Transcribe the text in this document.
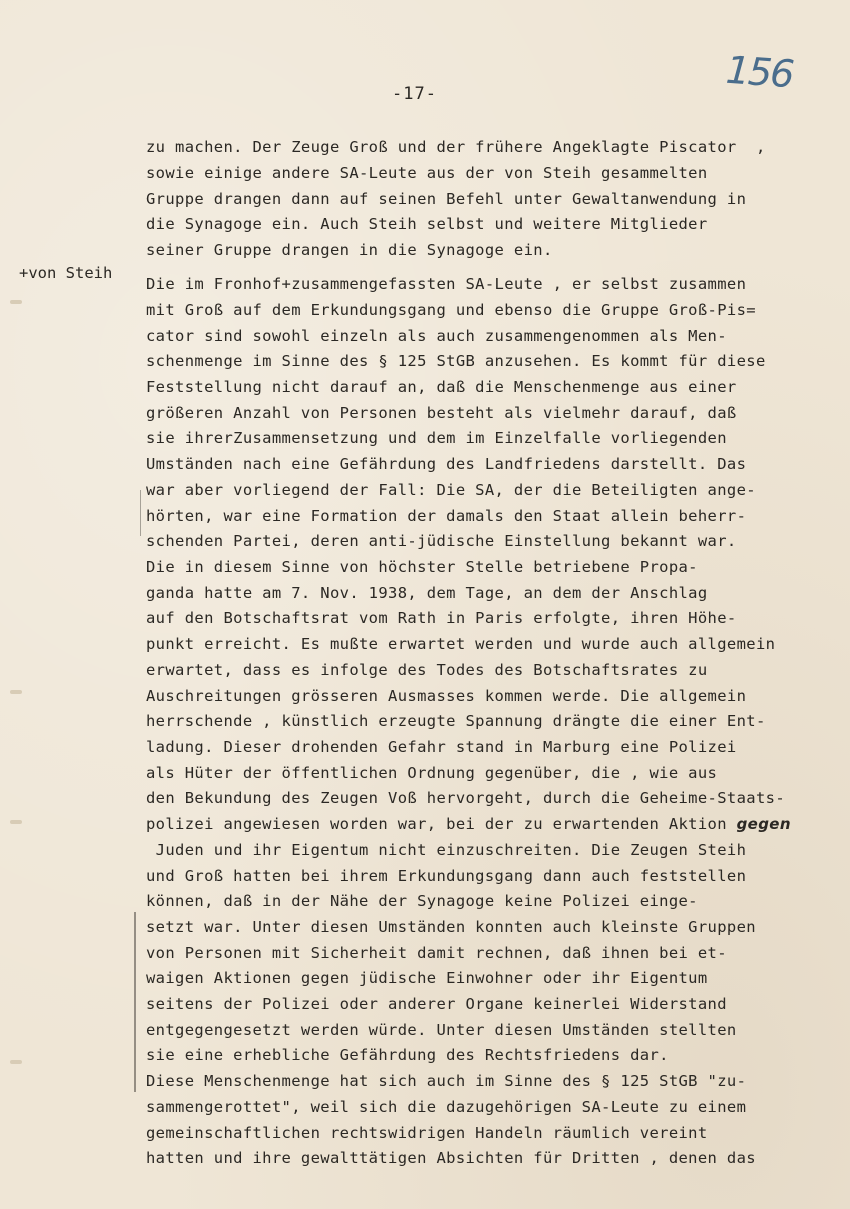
-17-	156
+von Steih
zu machen. Der Zeuge Groß und der frühere Angeklagte Piscator  ,
sowie einige andere SA-Leute aus der von Steih gesammelten
Gruppe drangen dann auf seinen Befehl unter Gewaltanwendung in
die Synagoge ein. Auch Steih selbst und weitere Mitglieder
seiner Gruppe drangen in die Synagoge ein.
Die im Fronhof+zusammengefassten SA-Leute , er selbst zusammen
mit Groß auf dem Erkundungsgang und ebenso die Gruppe Groß-Pis=
cator sind sowohl einzeln als auch zusammengenommen als Men-
schenmenge im Sinne des § 125 StGB anzusehen. Es kommt für diese
Feststellung nicht darauf an, daß die Menschenmenge aus einer
größeren Anzahl von Personen besteht als vielmehr darauf, daß
sie ihrerZusammensetzung und dem im Einzelfalle vorliegenden
Umständen nach eine Gefährdung des Landfriedens darstellt. Das
war aber vorliegend der Fall: Die SA, der die Beteiligten ange-
hörten, war eine Formation der damals den Staat allein beherr-
schenden Partei, deren anti-jüdische Einstellung bekannt war.
Die in diesem Sinne von höchster Stelle betriebene Propa-
ganda hatte am 7. Nov. 1938, dem Tage, an dem der Anschlag
auf den Botschaftsrat vom Rath in Paris erfolgte, ihren Höhe-
punkt erreicht. Es mußte erwartet werden und wurde auch allgemein
erwartet, dass es infolge des Todes des Botschaftsrates zu
Auschreitungen grösseren Ausmasses kommen werde. Die allgemein
herrschende , künstlich erzeugte Spannung drängte die einer Ent-
ladung. Dieser drohenden Gefahr stand in Marburg eine Polizei
als Hüter der öffentlichen Ordnung gegenüber, die , wie aus
den Bekundung des Zeugen Voß hervorgeht, durch die Geheime-Staats-
polizei angewiesen worden war, bei der zu erwartenden Aktion gegen
Juden und ihr Eigentum nicht einzuschreiten. Die Zeugen Steih
und Groß hatten bei ihrem Erkundungsgang dann auch feststellen
können, daß in der Nähe der Synagoge keine Polizei einge-
setzt war. Unter diesen Umständen konnten auch kleinste Gruppen
von Personen mit Sicherheit damit rechnen, daß ihnen bei et-
waigen Aktionen gegen jüdische Einwohner oder ihr Eigentum
seitens der Polizei oder anderer Organe keinerlei Widerstand
entgegengesetzt werden würde. Unter diesen Umständen stellten
sie eine erhebliche Gefährdung des Rechtsfriedens dar.
Diese Menschenmenge hat sich auch im Sinne des § 125 StGB "zu-
sammengerottet", weil sich die dazugehörigen SA-Leute zu einem
gemeinschaftlichen rechtswidrigen Handeln räumlich vereint
hatten und ihre gewalttätigen Absichten für Dritten , denen das
